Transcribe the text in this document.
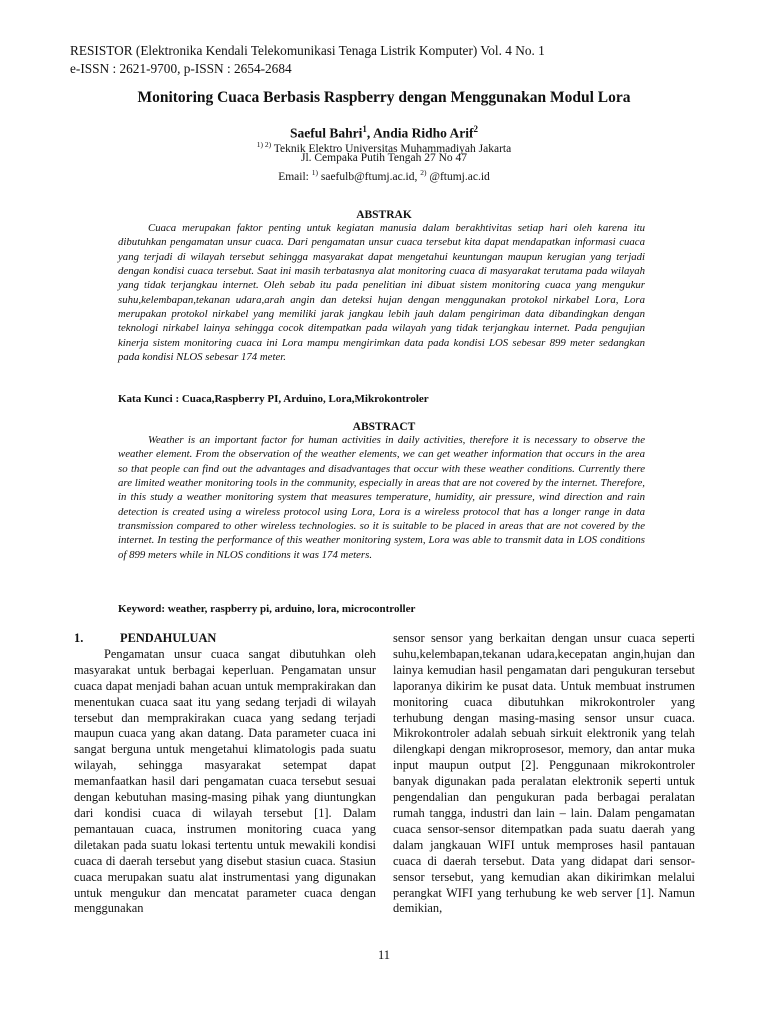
RESISTOR (Elektronika Kendali Telekomunikasi Tenaga Listrik Komputer) Vol. 4 No. 1
e-ISSN : 2621-9700, p-ISSN : 2654-2684
Monitoring Cuaca Berbasis Raspberry dengan Menggunakan Modul Lora
Saeful Bahri$^1$, Andia Ridho Arif$^2$
$^{1) 2)}$ Teknik Elektro Universitas Muhammadiyah Jakarta
Jl. Cempaka Putih Tengah 27 No 47
Email: $^{1)}$ saefulb@ftumj.ac.id, $^{2)}$ @ftumj.ac.id
ABSTRAK
Cuaca merupakan faktor penting untuk kegiatan manusia dalam berakhtivitas setiap hari oleh karena itu dibutuhkan pengamatan unsur cuaca. Dari pengamatan unsur cuaca tersebut kita dapat mendapatkan informasi cuaca yang terjadi di wilayah tersebut sehingga masyarakat dapat mengetahui keuntungan maupun kerugian yang terjadi dengan kondisi cuaca tersebut. Saat ini masih terbatasnya alat monitoring cuaca di masyarakat terutama pada wilayah yang tidak terjangkau internet. Oleh sebab itu pada penelitian ini dibuat sistem monitoring cuaca yang mengukur suhu,kelembapan,tekanan udara,arah angin dan deteksi hujan dengan menggunakan protokol nirkabel Lora, Lora merupakan protokol nirkabel yang memiliki jarak jangkau lebih jauh dalam pengiriman data dibandingkan dengan teknologi nirkabel lainya sehingga cocok ditempatkan pada wilayah yang tidak terjangkau internet. Pada pengujian kinerja sistem monitoring cuaca ini Lora mampu mengirimkan data pada kondisi LOS sebesar 899 meter sedangkan pada kondisi NLOS sebesar 174 meter.
Kata Kunci : Cuaca,Raspberry PI, Arduino, Lora,Mikrokontroler
ABSTRACT
Weather is an important factor for human activities in daily activities, therefore it is necessary to observe the weather element. From the observation of the weather elements, we can get weather information that occurs in the area so that people can find out the advantages and disadvantages that occur with these weather conditions. Currently there are limited weather monitoring tools in the community, especially in areas that are not covered by the internet. Therefore, in this study a weather monitoring system that measures temperature, humidity, air pressure, wind direction and rain detection is created using a wireless protocol using Lora, Lora is a wireless protocol that has a longer range in data transmission compared to other wireless technologies. so it is suitable to be placed in areas that are not covered by the internet. In testing the performance of this weather monitoring system, Lora was able to transmit data in LOS conditions of 899 meters while in NLOS conditions it was 174 meters.
Keyword: weather, raspberry pi, arduino, lora, microcontroller
1.	PENDAHULUAN
Pengamatan unsur cuaca sangat dibutuhkan oleh masyarakat untuk berbagai keperluan. Pengamatan unsur cuaca dapat menjadi bahan acuan untuk memprakirakan dan menentukan cuaca saat itu yang sedang terjadi di wilayah tersebut dan memprakirakan cuaca yang sedang terjadi maupun cuaca yang akan datang. Data parameter cuaca ini sangat berguna untuk mengetahui klimatologis pada suatu wilayah, sehingga masyarakat setempat dapat memanfaatkan hasil dari pengamatan cuaca tersebut sesuai dengan kebutuhan masing-masing pihak yang diuntungkan dari kondisi cuaca di wilayah tersebut [1]. Dalam pemantauan cuaca, instrumen monitoring cuaca yang diletakan pada suatu lokasi tertentu untuk mewakili kondisi cuaca di daerah tersebut yang disebut stasiun cuaca. Stasiun cuaca merupakan suatu alat instrumentasi yang digunakan untuk mengukur dan mencatat parameter cuaca dengan menggunakan
sensor sensor yang berkaitan dengan unsur cuaca seperti suhu,kelembapan,tekanan udara,kecepatan angin,hujan dan lainya kemudian hasil pengamatan dari pengukuran tersebut laporanya dikirim ke pusat data. Untuk membuat instrumen monitoring cuaca dibutuhkan mikrokontroler yang terhubung dengan masing-masing sensor unsur cuaca. Mikrokontroler adalah sebuah sirkuit elektronik yang telah dilengkapi dengan mikroprosesor, memory, dan antar muka input maupun output [2]. Penggunaan mikrokontroler banyak digunakan pada peralatan elektronik seperti untuk pengendalian dan pengukuran pada berbagai peralatan rumah tangga, industri dan lain – lain. Dalam pengamatan cuaca sensor-sensor ditempatkan pada suatu daerah yang dalam jangkauan WIFI untuk memproses hasil pantauan cuaca di daerah tersebut. Data yang didapat dari sensor- sensor tersebut, yang kemudian akan dikirimkan melalui perangkat WIFI yang terhubung ke web server [1]. Namun demikian,
11
